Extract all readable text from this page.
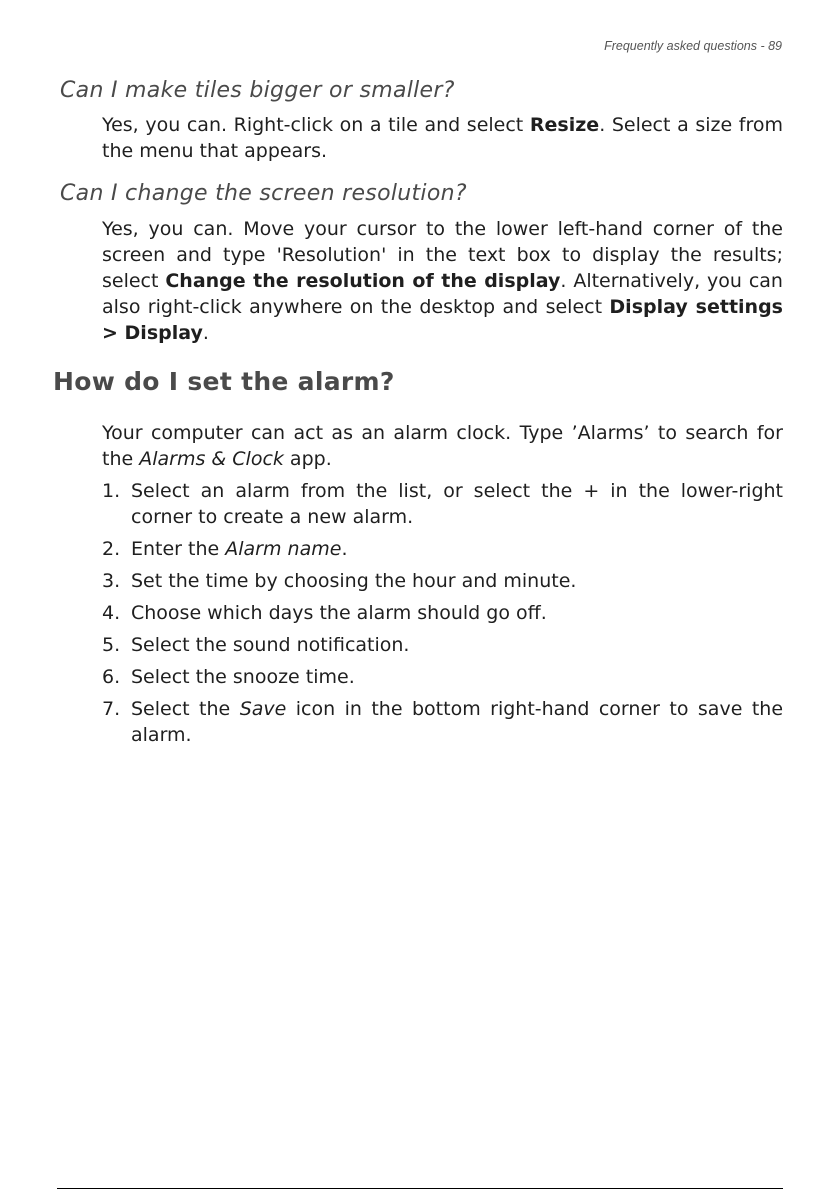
Frequently asked questions - 89
Can I make tiles bigger or smaller?

Yes, you can. Right-click on a tile and select Resize. Select a size from the menu that appears.

Can I change the screen resolution?

Yes, you can. Move your cursor to the lower left-hand corner of the screen and type 'Resolution' in the text box to display the results; select Change the resolution of the display. Alternatively, you can also right-click anywhere on the desktop and select Display settings > Display.

How do I set the alarm?

Your computer can act as an alarm clock. Type ’Alarms’ to search for the Alarms & Clock app.

1. Select an alarm from the list, or select the + in the lower-right corner to create a new alarm.
2. Enter the Alarm name.
3. Set the time by choosing the hour and minute.
4. Choose which days the alarm should go off.
5. Select the sound notification.
6. Select the snooze time.
7. Select the Save icon in the bottom right-hand corner to save the alarm.
